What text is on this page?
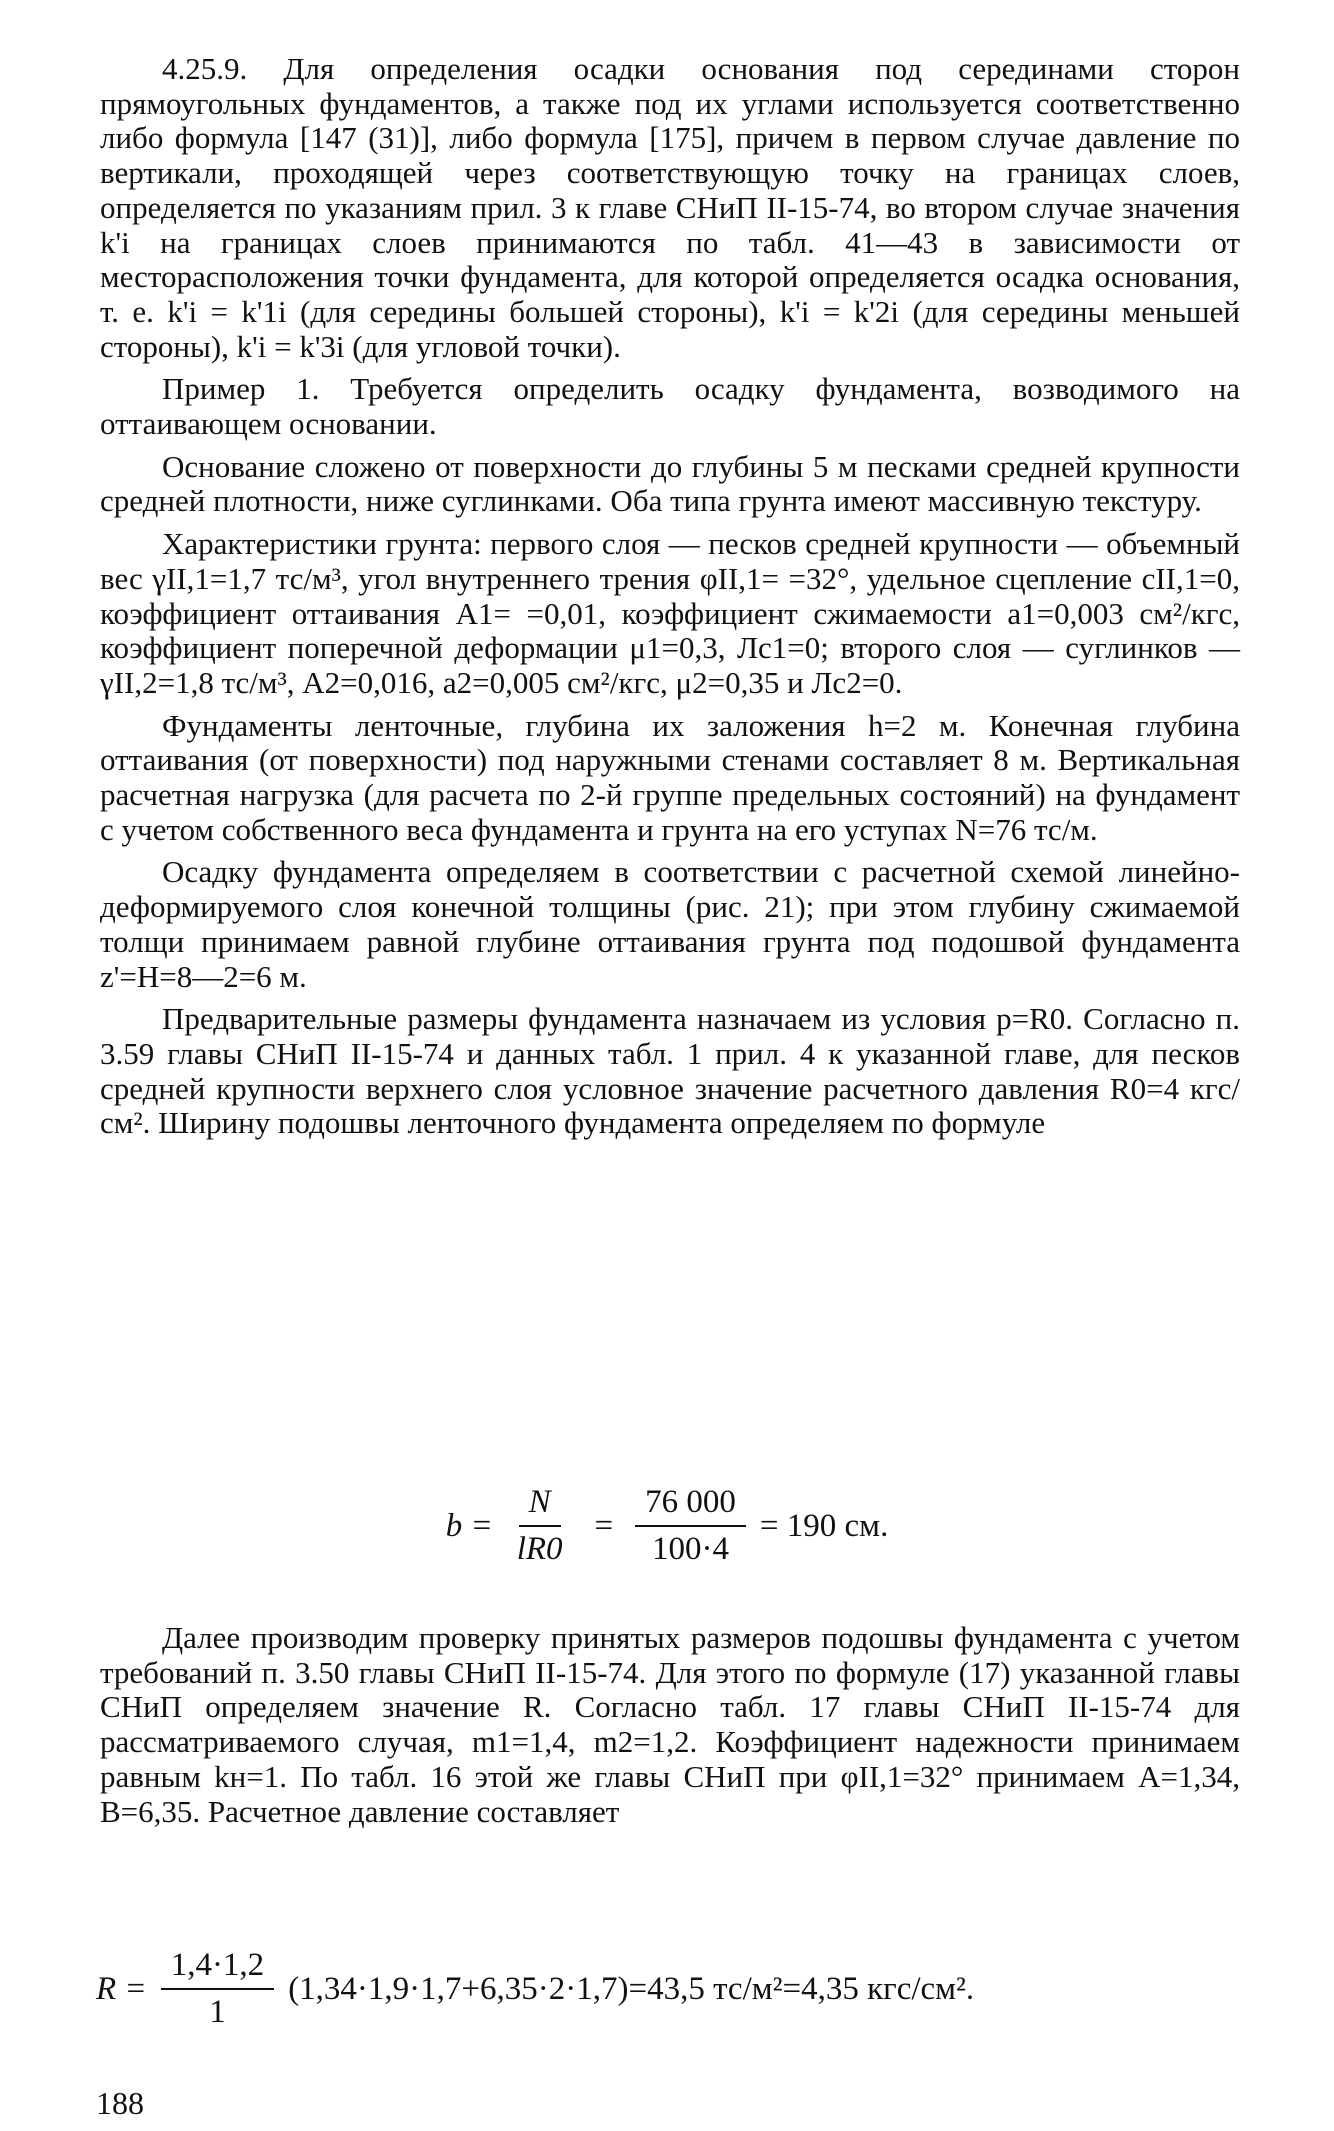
4.25.9. Для определения осадки основания под серединами сторон прямоугольных фундаментов, а также под их углами используется соответственно либо формула [147 (31)], либо формула [175], причем в первом случае давление по вертикали, проходящей через соответствующую точку на границах слоев, определяется по указаниям прил. 3 к главе СНиП II-15-74, во втором случае значения k'i на границах слоев принимаются по табл. 41—43 в зависимости от месторасположения точки фундамента, для которой определяется осадка основания, т. е. k'i = k'1i (для середины большей стороны), k'i = k'2i (для середины меньшей стороны), k'i = k'3i (для угловой точки).

Пример 1. Требуется определить осадку фундамента, возводимого на оттаивающем основании.

Основание сложено от поверхности до глубины 5 м песками средней крупности средней плотности, ниже суглинками. Оба типа грунта имеют массивную текстуру.

Характеристики грунта: первого слоя — песков средней крупности — объемный вес γII,1=1,7 тс/м³, угол внутреннего трения φII,1= =32°, удельное сцепление cII,1=0, коэффициент оттаивания A1= =0,01, коэффициент сжимаемости a1=0,003 см²/кгс, коэффициент поперечной деформации μ1=0,3, Лc1=0; второго слоя — суглинков — γII,2=1,8 тс/м³, A2=0,016, a2=0,005 см²/кгс, μ2=0,35 и Лc2=0.

Фундаменты ленточные, глубина их заложения h=2 м. Конечная глубина оттаивания (от поверхности) под наружными стенами составляет 8 м. Вертикальная расчетная нагрузка (для расчета по 2-й группе предельных состояний) на фундамент с учетом собственного веса фундамента и грунта на его уступах N=76 тс/м.

Осадку фундамента определяем в соответствии с расчетной схемой линейно-деформируемого слоя конечной толщины (рис. 21); при этом глубину сжимаемой толщи принимаем равной глубине оттаивания грунта под подошвой фундамента z'=H=8—2=6 м.

Предварительные размеры фундамента назначаем из условия p=R0. Согласно п. 3.59 главы СНиП II-15-74 и данных табл. 1 прил. 4 к указанной главе, для песков средней крупности верхнего слоя условное значение расчетного давления R0=4 кгс/см². Ширину подошвы ленточного фундамента определяем по формуле

$b = \frac{N}{lR0} = \frac{76 000}{100\cdot 4} = 190$ см.

Далее производим проверку принятых размеров подошвы фундамента с учетом требований п. 3.50 главы СНиП II-15-74. Для этого по формуле (17) указанной главы СНиП определяем значение R. Согласно табл. 17 главы СНиП II-15-74 для рассматриваемого случая, m1=1,4, m2=1,2. Коэффициент надежности принимаем равным kн=1. По табл. 16 этой же главы СНиП при φII,1=32° принимаем A=1,34, B=6,35. Расчетное давление составляет

$R = \frac{1,4\cdot 1,2}{1} (1,34\cdot 1,9\cdot 1,7+6,35\cdot 2\cdot 1,7)=43,5$ тс/м²=4,35 кгс/см².
188
